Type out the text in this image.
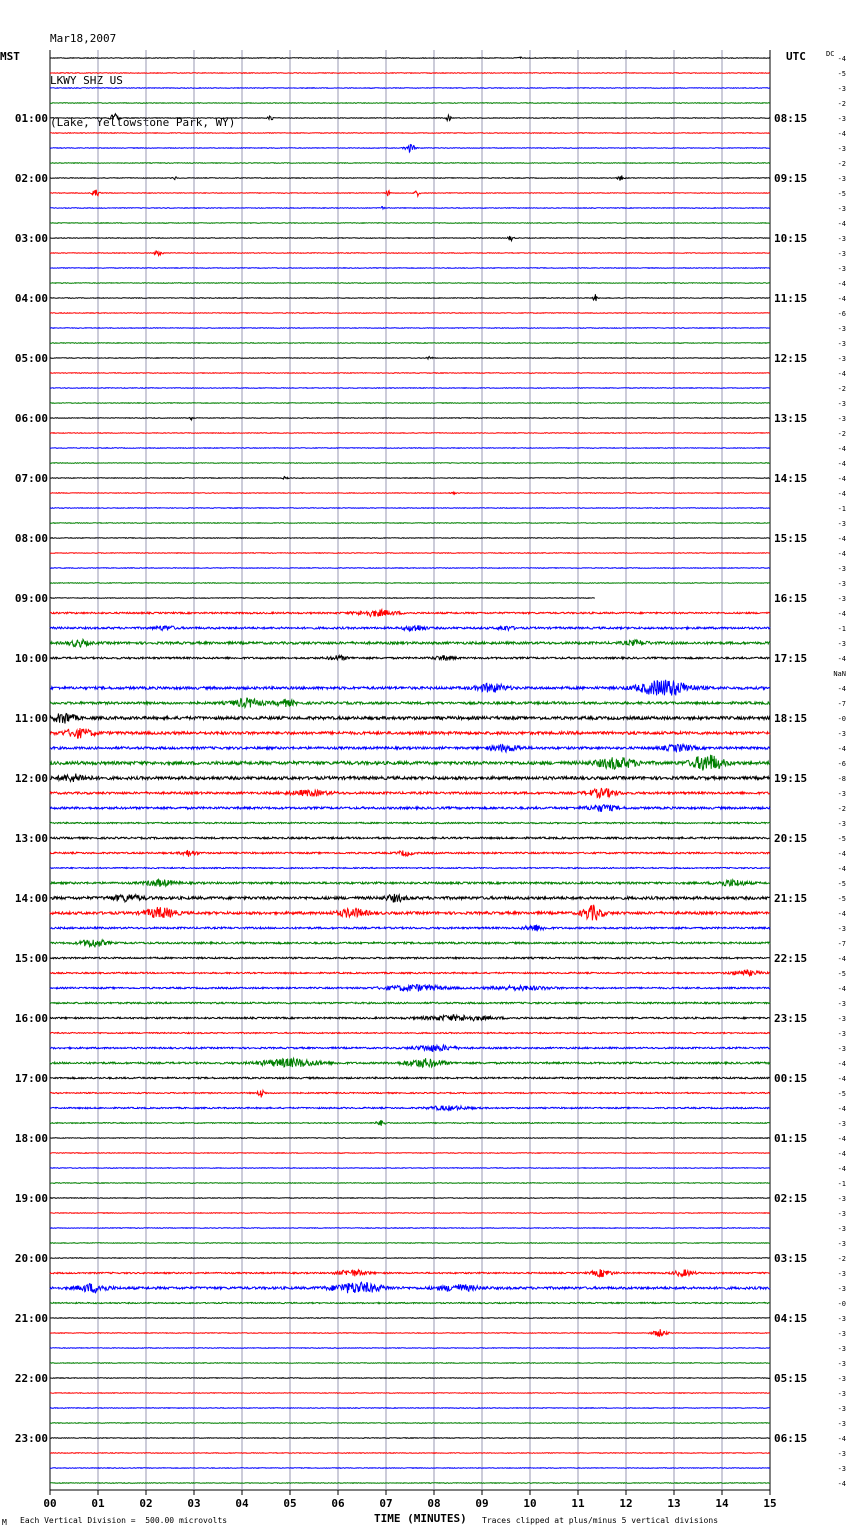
Mar18,2007

LKWY SHZ US

(Lake, Yellowstone Park, WY)

MST	UTC	DC
00	01	02	03	04	05	06	07	08	09	10	11	12	13	14	15
-4
-5
-3
-2
-3
-4
-3
-2
-3
-5
-3
-4
-3
-3
-3
-4
-4
-6
-3
-3
-3
-4
-2
-3
-3
-2
-4
-4
-4
-4
-1
-3
-4
-4
-3
-3
-3
-4
-1
-3
-4
NaN
-4
-7
-0
-3
-4
-6
-8
-3
-2
-3
-5
-4
-4
-5
-5
-4
-3
-7
-4
-5
-4
-3
-3
-3
-3
-4
-4
-5
-4
-3
-4
-4
-4
-1
-3
-3
-3
-3
-2
-3
-3
-0
-3
-3
-3
-3
-3
-3
-3
-3
-4
-3
-3
-4
01:00	08:15
02:00	09:15
03:00	10:15
04:00	11:15
05:00	12:15
06:00	13:15
07:00	14:15
08:00	15:15
09:00	16:15
10:00	17:15
11:00	18:15
12:00	19:15
13:00	20:15
14:00	21:15
15:00	22:15
16:00	23:15
17:00	00:15
18:00	01:15
19:00	02:15
20:00	03:15
21:00	04:15
22:00	05:15
23:00	06:15
M Each Vertical Division =  500.00 microvolts	TIME (MINUTES) Traces clipped at plus/minus 5 vertical divisions
